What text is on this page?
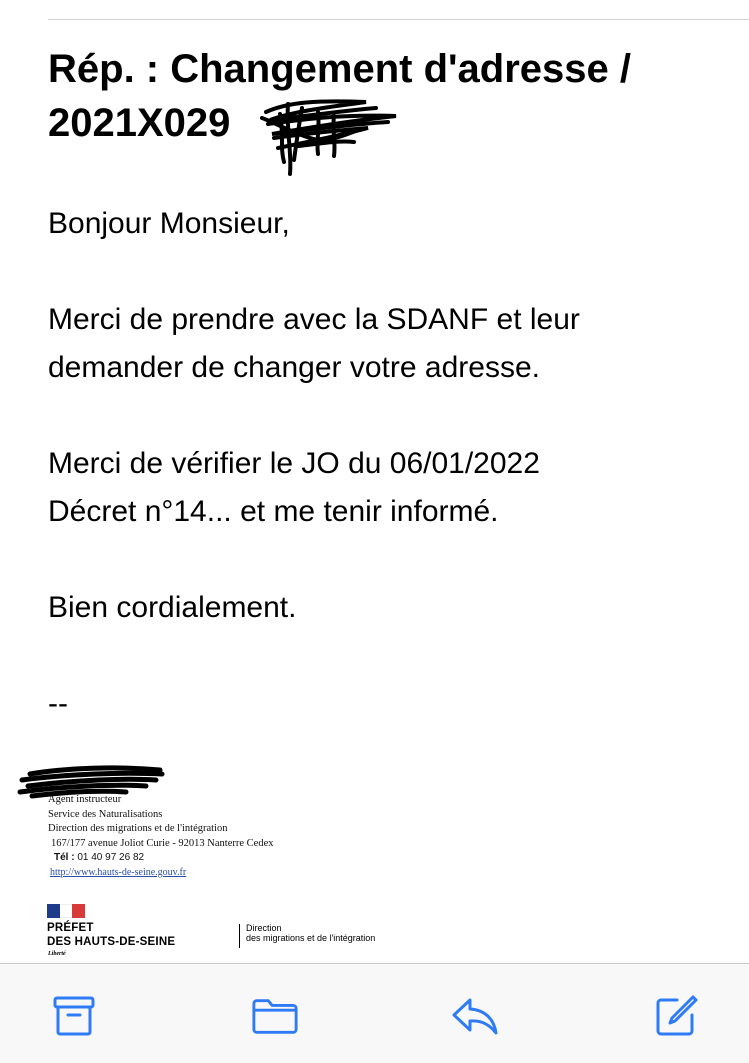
Rép. : Changement d'adresse /
2021X029

Bonjour Monsieur,

Merci de prendre avec la SDANF et leur
demander de changer votre adresse.

Merci de vérifier le JO du 06/01/2022
Décret n°14... et me tenir informé.

Bien cordialement.

--

Agent instructeur
Service des Naturalisations
Direction des migrations et de l'intégration
167/177 avenue Joliot Curie - 92013 Nanterre Cedex
Tél : 01 40 97 26 82
http://www.hauts-de-seine.gouv.fr
PRÉFET
DES HAUTS-DE-SEINE
Liberté
Direction
des migrations et de l'intégration
